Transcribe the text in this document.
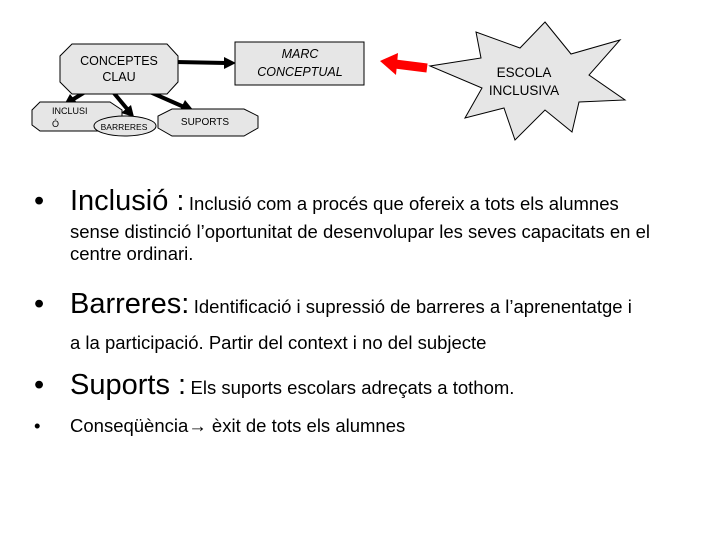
MARC
CONCEPTUAL
CONCEPTES
CLAU	ESCOLA
INCLUSIVA
INCLUSI
Ó	BARRERES	SUPORTS
• Inclusió : Inclusió com a procés que ofereix a tots els alumnes
sense distinció l’oportunitat de desenvolupar les seves capacitats en el centre ordinari.
• Barreres: Identificació i supressió de barreres a l’aprenentatge i
a la participació. Partir del context i no del subjecte
• Suports : Els suports escolars adreçats a tothom.
• Conseqüència→ èxit de tots els alumnes
